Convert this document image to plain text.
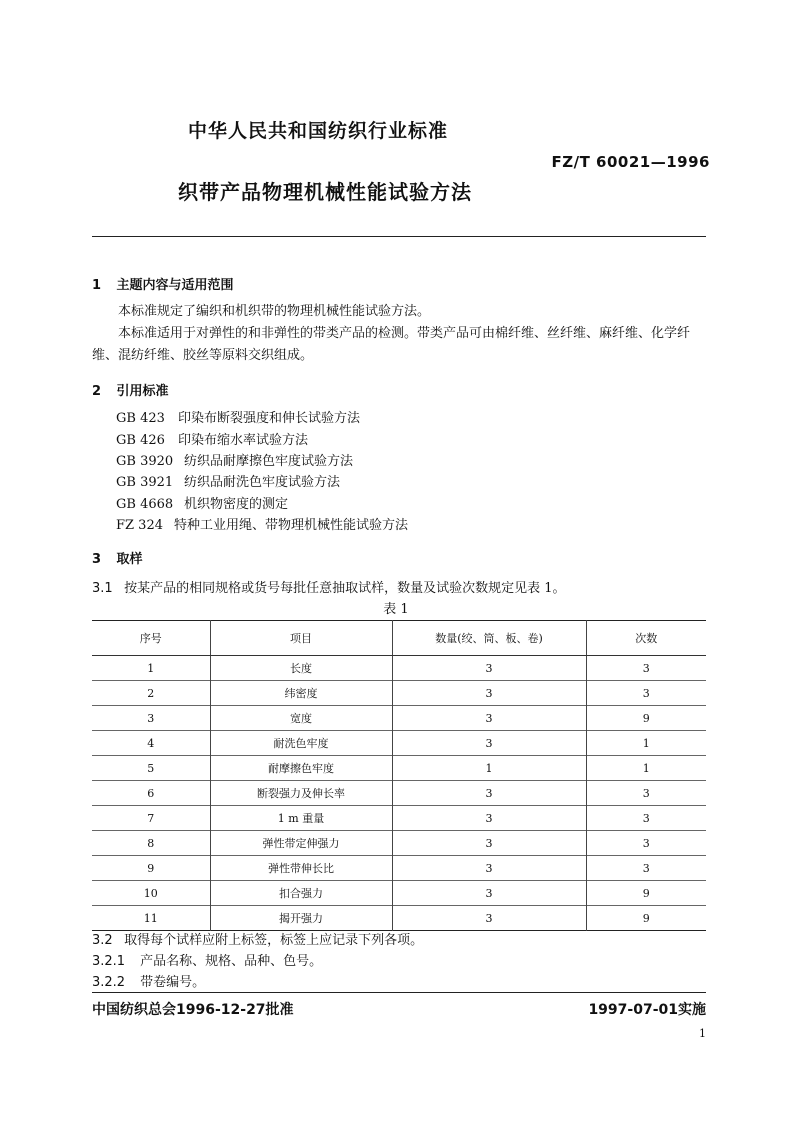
中华人民共和国纺织行业标准
FZ/T 60021—1996
织带产品物理机械性能试验方法
1 主题内容与适用范围
本标准规定了编织和机织带的物理机械性能试验方法。
本标准适用于对弹性的和非弹性的带类产品的检测。带类产品可由棉纤维、丝纤维、麻纤维、化学纤维、混纺纤维、胶丝等原料交织组成。
2 引用标准
GB 423 印染布断裂强度和伸长试验方法
GB 426 印染布缩水率试验方法
GB 3920 纺织品耐摩擦色牢度试验方法
GB 3921 纺织品耐洗色牢度试验方法
GB 4668 机织物密度的测定
FZ 324 特种工业用绳、带物理机械性能试验方法
3 取样
3.1 按某产品的相同规格或货号每批任意抽取试样，数量及试验次数规定见表 1。
表 1
序号	项目	数量(绞、筒、板、卷)	次数
1	长度	3	3
2	纬密度	3	3
3	宽度	3	9
4	耐洗色牢度	3	1
5	耐摩擦色牢度	1	1
6	断裂强力及伸长率	3	3
7	1 m 重量	3	3
8	弹性带定伸强力	3	3
9	弹性带伸长比	3	3
10	扣合强力	3	9
11	揭开强力	3	9
3.2 取得每个试样应附上标签，标签上应记录下列各项。
3.2.1 产品名称、规格、品种、色号。
3.2.2 带卷编号。
中国纺织总会1996-12-27批准	1997-07-01实施
1
